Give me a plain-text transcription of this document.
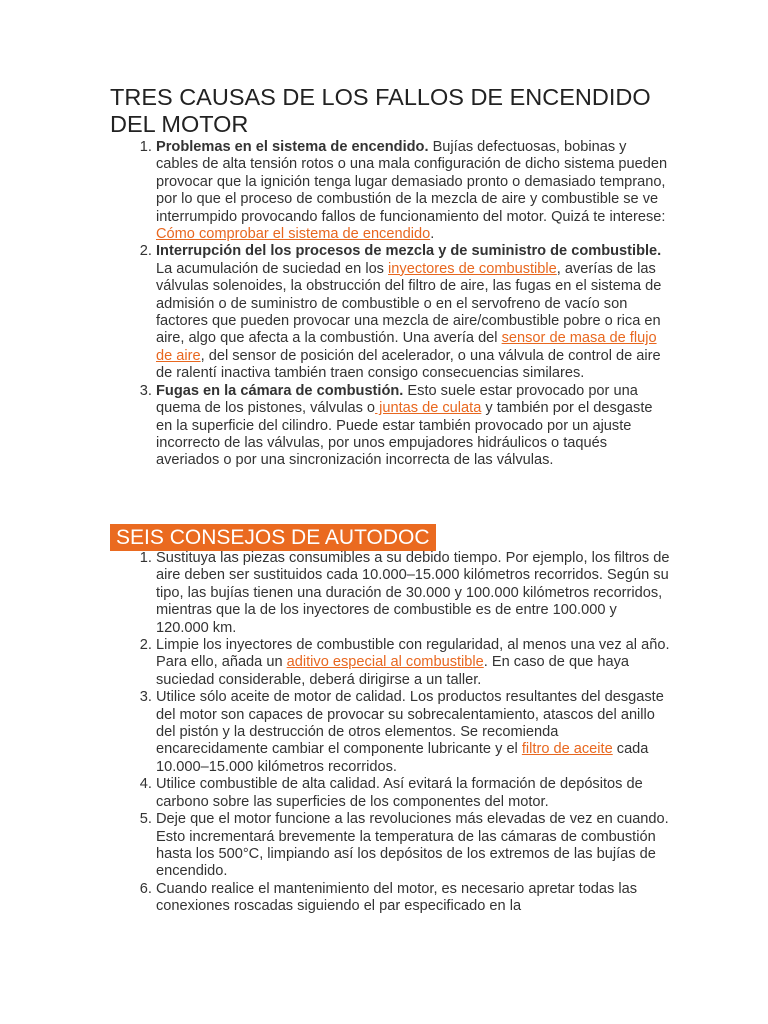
TRES CAUSAS DE LOS FALLOS DE ENCENDIDO DEL MOTOR
1. Problemas en el sistema de encendido. Bujías defectuosas, bobinas y cables de alta tensión rotos o una mala configuración de dicho sistema pueden provocar que la ignición tenga lugar demasiado pronto o demasiado temprano, por lo que el proceso de combustión de la mezcla de aire y combustible se ve interrumpido provocando fallos de funcionamiento del motor. Quizá te interese: Cómo comprobar el sistema de encendido.
2. Interrupción del los procesos de mezcla y de suministro de combustible. La acumulación de suciedad en los inyectores de combustible, averías de las válvulas solenoides, la obstrucción del filtro de aire, las fugas en el sistema de admisión o de suministro de combustible o en el servofreno de vacío son factores que pueden provocar una mezcla de aire/combustible pobre o rica en aire, algo que afecta a la combustión. Una avería del sensor de masa de flujo de aire, del sensor de posición del acelerador, o una válvula de control de aire de ralentí inactiva también traen consigo consecuencias similares.
3. Fugas en la cámara de combustión. Esto suele estar provocado por una quema de los pistones, válvulas o juntas de culata y también por el desgaste en la superficie del cilindro. Puede estar también provocado por un ajuste incorrecto de las válvulas, por unos empujadores hidráulicos o taqués averiados o por una sincronización incorrecta de las válvulas.
SEIS CONSEJOS DE AUTODOC
1. Sustituya las piezas consumibles a su debido tiempo. Por ejemplo, los filtros de aire deben ser sustituidos cada 10.000–15.000 kilómetros recorridos. Según su tipo, las bujías tienen una duración de 30.000 y 100.000 kilómetros recorridos, mientras que la de los inyectores de combustible es de entre 100.000 y 120.000 km.
2. Limpie los inyectores de combustible con regularidad, al menos una vez al año. Para ello, añada un aditivo especial al combustible. En caso de que haya suciedad considerable, deberá dirigirse a un taller.
3. Utilice sólo aceite de motor de calidad. Los productos resultantes del desgaste del motor son capaces de provocar su sobrecalentamiento, atascos del anillo del pistón y la destrucción de otros elementos. Se recomienda encarecidamente cambiar el componente lubricante y el filtro de aceite cada 10.000–15.000 kilómetros recorridos.
4. Utilice combustible de alta calidad. Así evitará la formación de depósitos de carbono sobre las superficies de los componentes del motor.
5. Deje que el motor funcione a las revoluciones más elevadas de vez en cuando. Esto incrementará brevemente la temperatura de las cámaras de combustión hasta los 500°C, limpiando así los depósitos de los extremos de las bujías de encendido.
6. Cuando realice el mantenimiento del motor, es necesario apretar todas las conexiones roscadas siguiendo el par especificado en la
